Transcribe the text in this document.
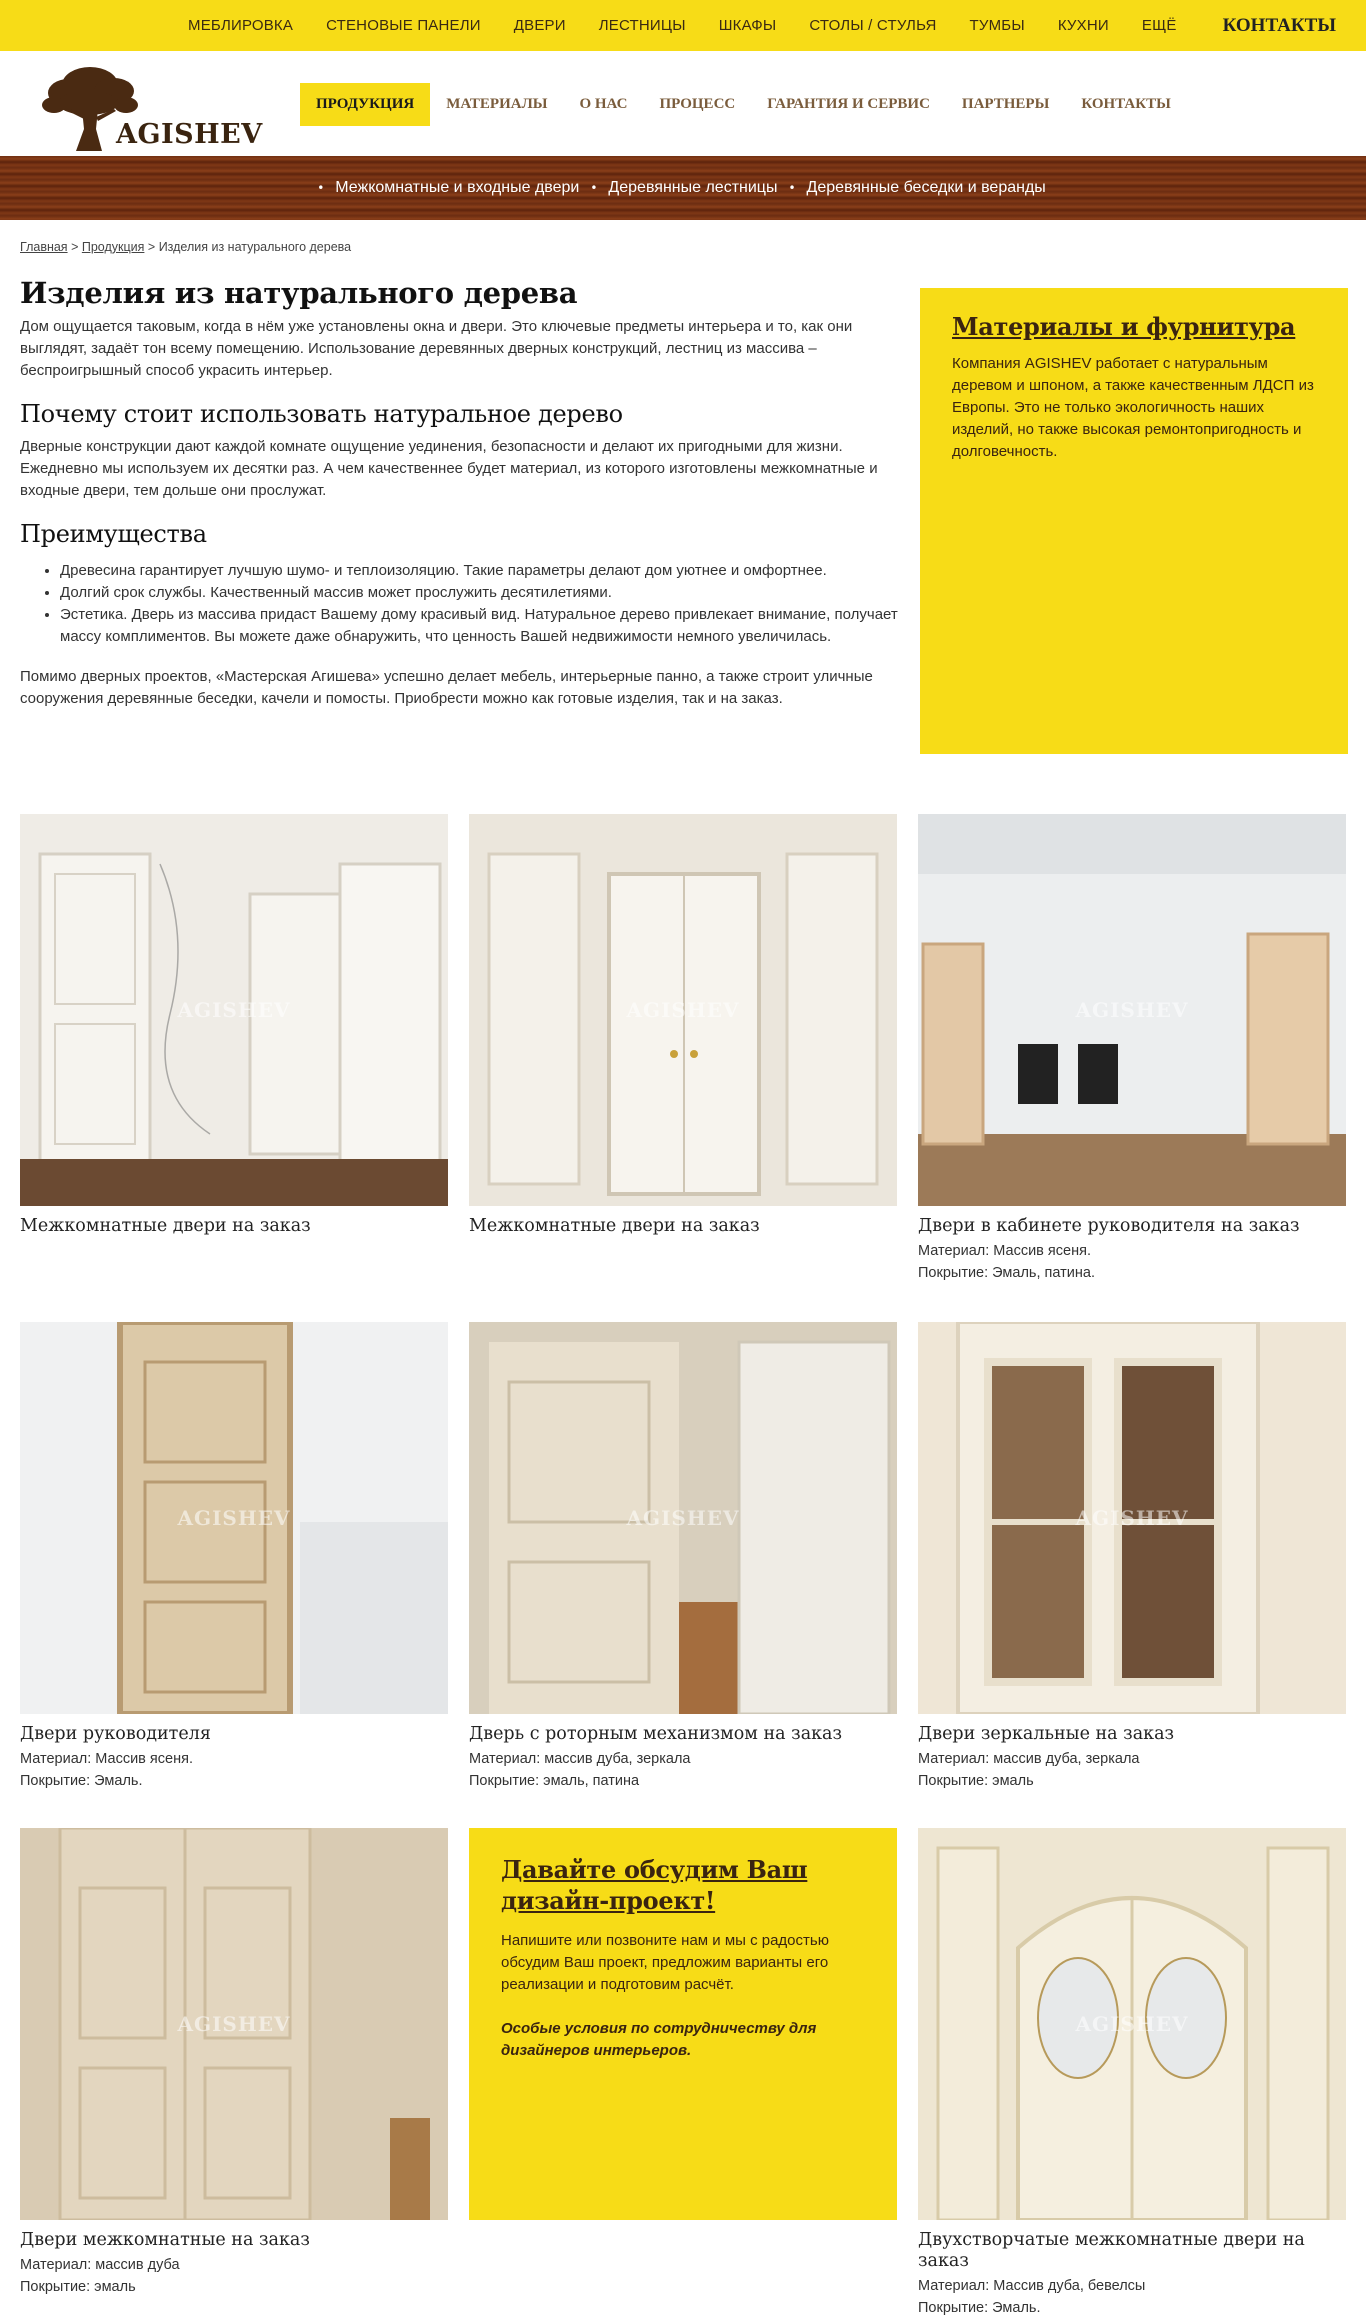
МЕБЛИРОВКА СТЕНОВЫЕ ПАНЕЛИ ДВЕРИ ЛЕСТНИЦЫ ШКАФЫ СТОЛЫ / СТУЛЬЯ ТУМБЫ КУХНИ ЕЩЁ КОНТАКТЫ
AGISHEV
ПРОДУКЦИЯ	МАТЕРИАЛЫ	О НАС	ПРОЦЕСС	ГАРАНТИЯ И СЕРВИС	ПАРТНЕРЫ	КОНТАКТЫ
• Межкомнатные и входные двери • Деревянные лестницы • Деревянные беседки и веранды
Главная > Продукция > Изделия из натурального дерева
Изделия из натурального дерева

Дом ощущается таковым, когда в нём уже установлены окна и двери. Это ключевые предметы интерьера и то, как они выглядят, задаёт тон всему помещению. Использование деревянных дверных конструкций, лестниц из массива – беспроигрышный способ украсить интерьер.

Почему стоит использовать натуральное дерево

Дверные конструкции дают каждой комнате ощущение уединения, безопасности и делают их пригодными для жизни. Ежедневно мы используем их десятки раз. А чем качественнее будет материал, из которого изготовлены межкомнатные и входные двери, тем дольше они прослужат.

Преимущества
• Древесина гарантирует лучшую шумо- и теплоизоляцию. Такие параметры делают дом уютнее и омфортнее.
• Долгий срок службы. Качественный массив может прослужить десятилетиями.
• Эстетика. Дверь из массива придаст Вашему дому красивый вид. Натуральное дерево привлекает внимание, получает массу комплиментов. Вы можете даже обнаружить, что ценность Вашей недвижимости немного увеличилась.

Помимо дверных проектов, «Мастерская Агишева» успешно делает мебель, интерьерные панно, а также строит уличные сооружения деревянные беседки, качели и помосты. Приобрести можно как готовые изделия, так и на заказ.

Материалы и фурнитура

Компания AGISHEV работает с натуральным деревом и шпоном, а также качественным ЛДСП из Европы. Это не только экологичность наших изделий, но также высокая ремонтопригодность и долговечность.

AGISHEV
Межкомнатные двери на заказ
AGISHEV
Межкомнатные двери на заказ
AGISHEV
Двери в кабинете руководителя на заказ
Материал: Массив ясеня.
Покрытие: Эмаль, патина.
AGISHEV
Двери руководителя
Материал: Массив ясеня.
Покрытие: Эмаль.
AGISHEV
Дверь с роторным механизмом на заказ
Материал: массив дуба, зеркала
Покрытие: эмаль, патина
AGISHEV
Двери зеркальные на заказ
Материал: массив дуба, зеркала
Покрытие: эмаль
AGISHEV
Двери межкомнатные на заказ
Материал: массив дуба
Покрытие: эмаль
Давайте обсудим Ваш дизайн-проект!

Напишите или позвоните нам и мы с радостью обсудим Ваш проект, предложим варианты его реализации и подготовим расчёт.

Особые условия по сотрудничеству для дизайнеров интерьеров.

AGISHEV
Двухстворчатые межкомнатные двери на заказ
Материал: Массив дуба, бевелсы
Покрытие: Эмаль.
